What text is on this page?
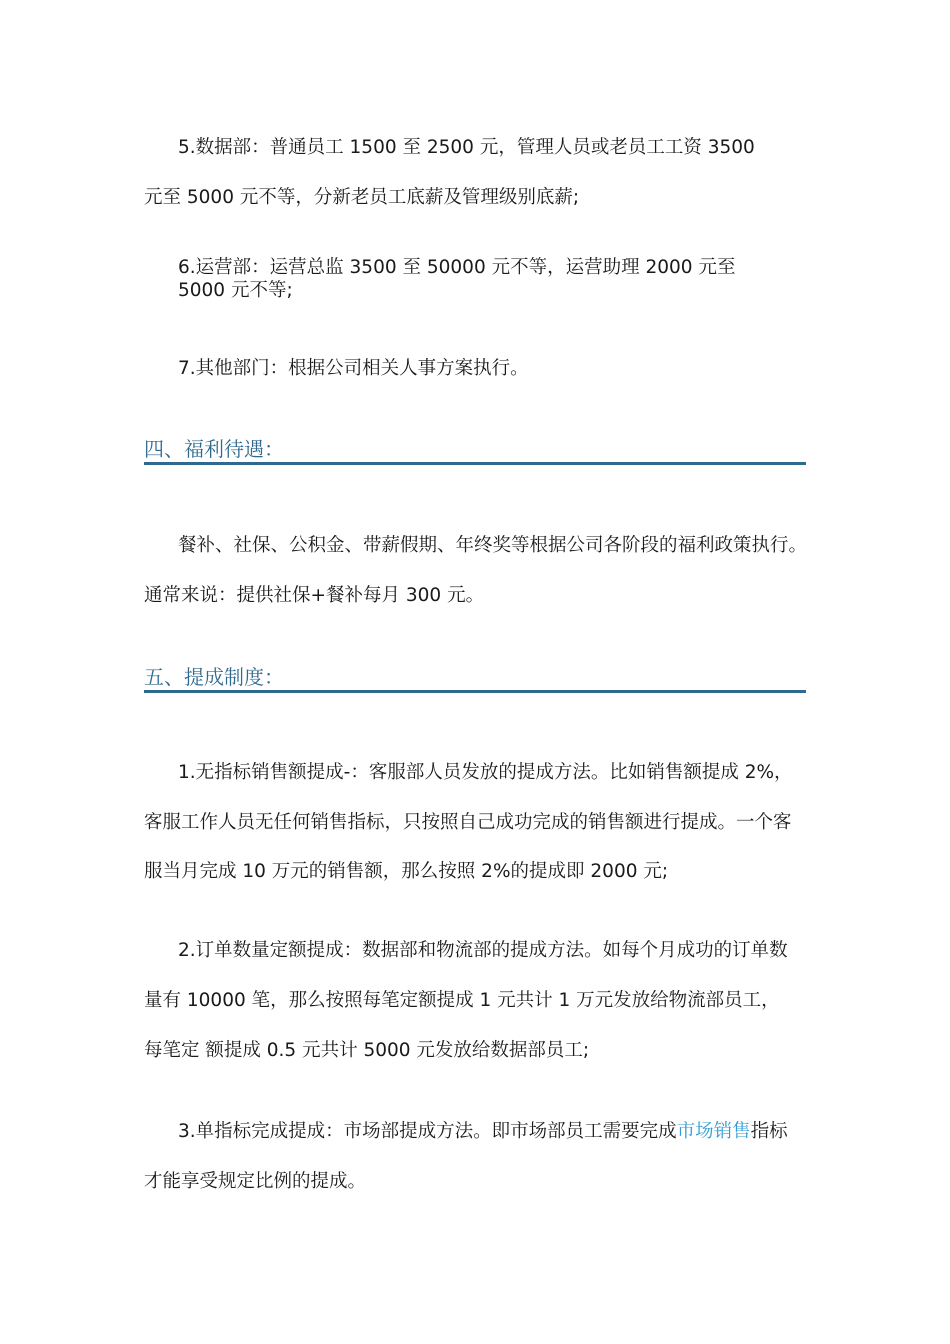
5.数据部：普通员工 1500 至 2500 元，管理人员或老员工工资 3500
元至 5000 元不等，分新老员工底薪及管理级别底薪;
6.运营部：运营总监 3500 至 50000 元不等，运营助理 2000 元至
5000 元不等;
7.其他部门：根据公司相关人事方案执行。
四、福利待遇：
餐补、社保、公积金、带薪假期、年终奖等根据公司各阶段的福利政策执行。
通常来说：提供社保+餐补每月 300 元。
五、提成制度：
1.无指标销售额提成-：客服部人员发放的提成方法。比如销售额提成 2%，
客服工作人员无任何销售指标，只按照自己成功完成的销售额进行提成。一个客
服当月完成 10 万元的销售额，那么按照 2%的提成即 2000 元;
2.订单数量定额提成：数据部和物流部的提成方法。如每个月成功的订单数
量有 10000 笔，那么按照每笔定额提成 1 元共计 1 万元发放给物流部员工，
每笔定 额提成 0.5 元共计 5000 元发放给数据部员工;
3.单指标完成提成：市场部提成方法。即市场部员工需要完成市场销售指标
才能享受规定比例的提成。
